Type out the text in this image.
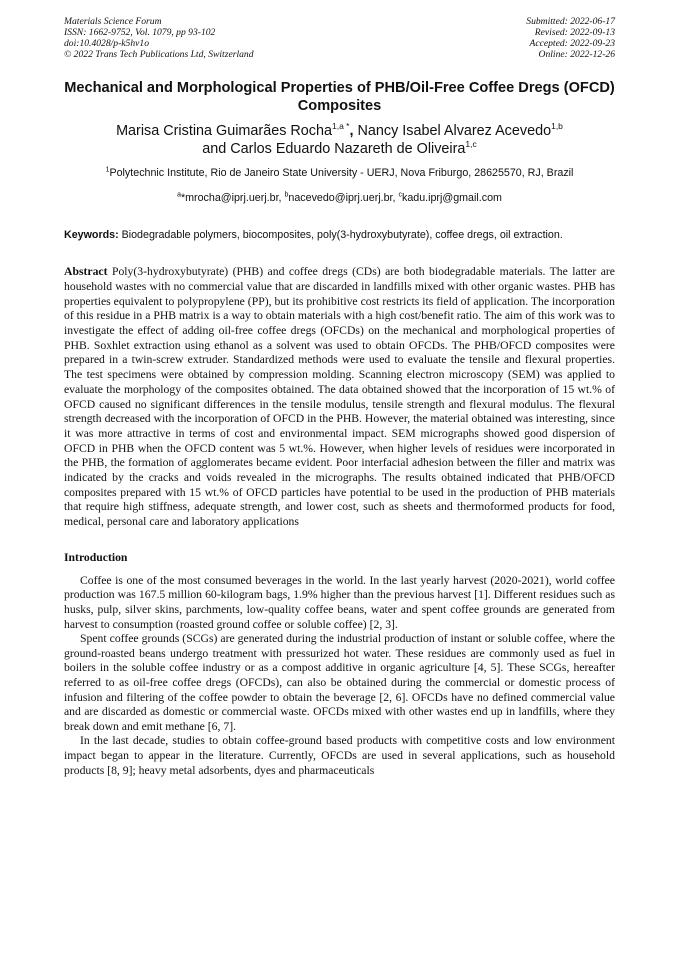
Materials Science Forum
ISSN: 1662-9752, Vol. 1079, pp 93-102
doi:10.4028/p-k5hv1o
© 2022 Trans Tech Publications Ltd, Switzerland
Submitted: 2022-06-17
Revised: 2022-09-13
Accepted: 2022-09-23
Online: 2022-12-26
Mechanical and Morphological Properties of PHB/Oil-Free Coffee Dregs (OFCD) Composites
Marisa Cristina Guimarães Rocha$^{1,a *}$, Nancy Isabel Alvarez Acevedo$^{1,b}$
and Carlos Eduardo Nazareth de Oliveira$^{1,c}$
$^1$Polytechnic Institute, Rio de Janeiro State University - UERJ, Nova Friburgo, 28625570, RJ, Brazil
$^a$*mrocha@iprj.uerj.br, $^b$nacevedo@iprj.uerj.br, $^c$kadu.iprj@gmail.com
Keywords: Biodegradable polymers, biocomposites, poly(3-hydroxybutyrate), coffee dregs, oil extraction.
Abstract Poly(3-hydroxybutyrate) (PHB) and coffee dregs (CDs) are both biodegradable materials. The latter are household wastes with no commercial value that are discarded in landfills mixed with other organic wastes. PHB has properties equivalent to polypropylene (PP), but its prohibitive cost restricts its field of application. The incorporation of this residue in a PHB matrix is a way to obtain materials with a high cost/benefit ratio. The aim of this work was to investigate the effect of adding oil-free coffee dregs (OFCDs) on the mechanical and morphological properties of PHB. Soxhlet extraction using ethanol as a solvent was used to obtain OFCDs. The PHB/OFCD composites were prepared in a twin-screw extruder. Standardized methods were used to evaluate the tensile and flexural properties. The test specimens were obtained by compression molding. Scanning electron microscopy (SEM) was applied to evaluate the morphology of the composites obtained. The data obtained showed that the incorporation of 15 wt.% of OFCD caused no significant differences in the tensile modulus, tensile strength and flexural modulus. The flexural strength decreased with the incorporation of OFCD in the PHB. However, the material obtained was interesting, since it was more attractive in terms of cost and environmental impact. SEM micrographs showed good dispersion of OFCD in PHB when the OFCD content was 5 wt.%. However, when higher levels of residues were incorporated in the PHB, the formation of agglomerates became evident. Poor interfacial adhesion between the filler and matrix was indicated by the cracks and voids revealed in the micrographs. The results obtained indicated that PHB/OFCD composites prepared with 15 wt.% of OFCD particles have potential to be used in the production of PHB materials that require high stiffness, adequate strength, and lower cost, such as sheets and thermoformed products for food, medical, personal care and laboratory applications
Introduction

Coffee is one of the most consumed beverages in the world. In the last yearly harvest (2020-2021), world coffee production was 167.5 million 60-kilogram bags, 1.9% higher than the previous harvest [1]. Different residues such as husks, pulp, silver skins, parchments, low-quality coffee beans, water and spent coffee grounds are generated from harvest to consumption (roasted ground coffee or soluble coffee) [2, 3].

Spent coffee grounds (SCGs) are generated during the industrial production of instant or soluble coffee, where the ground-roasted beans undergo treatment with pressurized hot water. These residues are commonly used as fuel in boilers in the soluble coffee industry or as a compost additive in organic agriculture [4, 5]. These SCGs, hereafter referred to as oil-free coffee dregs (OFCDs), can also be obtained during the commercial or domestic process of infusion and filtering of the coffee powder to obtain the beverage [2, 6]. OFCDs have no defined commercial value and are discarded as domestic or commercial waste. OFCDs mixed with other wastes end up in landfills, where they break down and emit methane [6, 7].

In the last decade, studies to obtain coffee-ground based products with competitive costs and low environment impact began to appear in the literature. Currently, OFCDs are used in several applications, such as household products [8, 9]; heavy metal adsorbents, dyes and pharmaceuticals
